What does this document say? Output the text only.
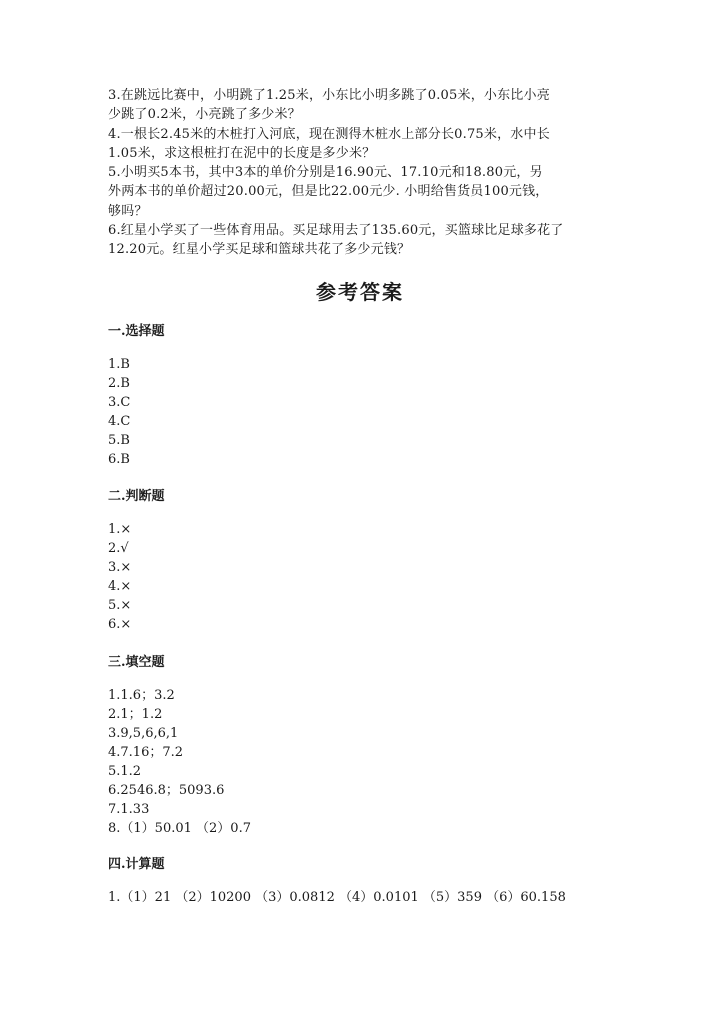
3.在跳远比赛中，小明跳了1.25米，小东比小明多跳了0.05米，小东比小亮
少跳了0.2米，小亮跳了多少米？
4.一根长2.45米的木桩打入河底，现在测得木桩水上部分长0.75米，水中长
1.05米，求这根桩打在泥中的长度是多少米？
5.小明买5本书，其中3本的单价分别是16.90元、17.10元和18.80元，另
外两本书的单价超过20.00元，但是比22.00元少. 小明给售货员100元钱，
够吗？
6.红星小学买了一些体育用品。买足球用去了135.60元，买篮球比足球多花了
12.20元。红星小学买足球和篮球共花了多少元钱？
参考答案
一.选择题
1.B
2.B
3.C
4.C
5.B
6.B
二.判断题
1.×
2.√
3.×
4.×
5.×
6.×
三.填空题
1.1.6；3.2
2.1；1.2
3.9,5,6,6,1
4.7.16；7.2
5.1.2
6.2546.8；5093.6
7.1.33
8.（1）50.01 （2）0.7
四.计算题
1.（1）21 （2）10200 （3）0.0812 （4）0.0101 （5）359 （6）60.158
